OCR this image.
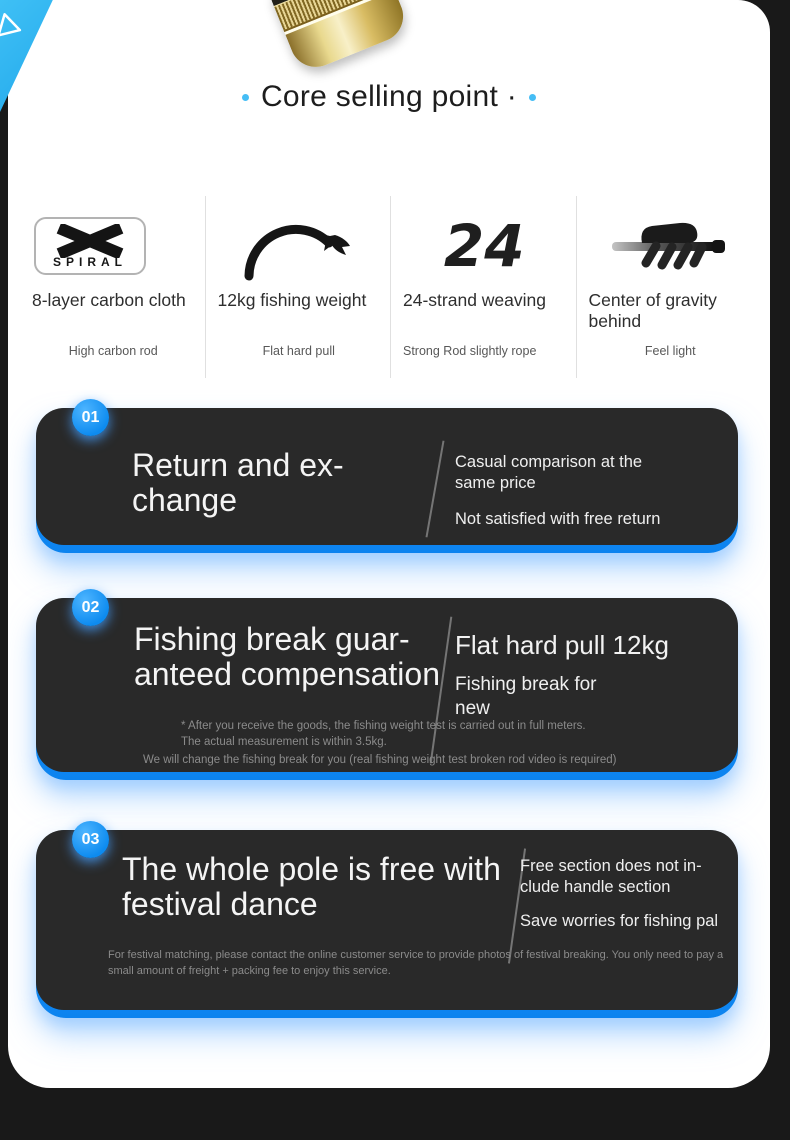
Core selling point ·
SPIRAL
8-layer carbon cloth
High carbon rod
12kg fishing weight
Flat hard pull
24
24-strand weaving
Strong Rod slightly rope
Center of gravity behind
Feel light
01
Return and ex-
change
Casual comparison at the same price
Not satisfied with free return
02
Fishing break guar-
anteed compensation
Flat hard pull 12kg
Fishing break for new
* After you receive the goods, the fishing weight test is carried out in full meters.
The actual measurement is within 3.5kg.
We will change the fishing break for you (real fishing weight test broken rod video is required)
03
The whole pole is free with
festival dance
Free section does not in-
clude handle section
Save worries for fishing pal
For festival matching, please contact the online customer service to provide photos of festival breaking. You only need to pay a small amount of freight + packing fee to enjoy this service.
